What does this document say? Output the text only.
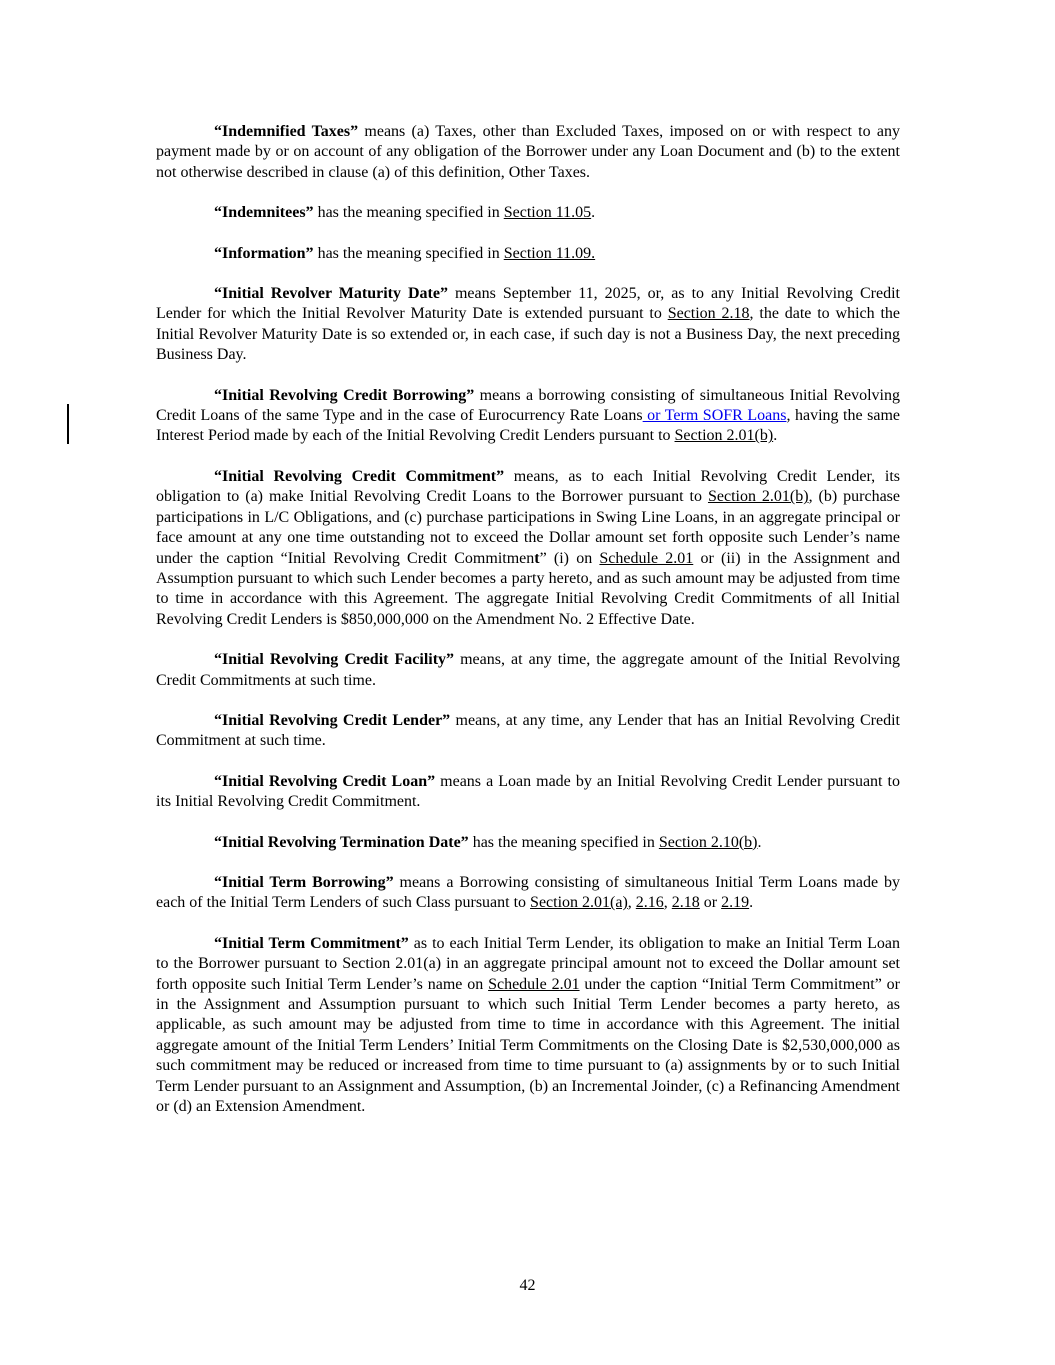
“Indemnified Taxes” means (a) Taxes, other than Excluded Taxes, imposed on or with respect to any payment made by or on account of any obligation of the Borrower under any Loan Document and (b) to the extent not otherwise described in clause (a) of this definition, Other Taxes.

“Indemnitees” has the meaning specified in Section 11.05.

“Information” has the meaning specified in Section 11.09.

“Initial Revolver Maturity Date” means September 11, 2025, or, as to any Initial Revolving Credit Lender for which the Initial Revolver Maturity Date is extended pursuant to Section 2.18, the date to which the Initial Revolver Maturity Date is so extended or, in each case, if such day is not a Business Day, the next preceding Business Day.

“Initial Revolving Credit Borrowing” means a borrowing consisting of simultaneous Initial Revolving Credit Loans of the same Type and in the case of Eurocurrency Rate Loans or Term SOFR Loans, having the same Interest Period made by each of the Initial Revolving Credit Lenders pursuant to Section 2.01(b).

“Initial Revolving Credit Commitment” means, as to each Initial Revolving Credit Lender, its obligation to (a) make Initial Revolving Credit Loans to the Borrower pursuant to Section 2.01(b), (b) purchase participations in L/C Obligations, and (c) purchase participations in Swing Line Loans, in an aggregate principal or face amount at any one time outstanding not to exceed the Dollar amount set forth opposite such Lender’s name under the caption “Initial Revolving Credit Commitment” (i) on Schedule 2.01 or (ii) in the Assignment and Assumption pursuant to which such Lender becomes a party hereto, and as such amount may be adjusted from time to time in accordance with this Agreement. The aggregate Initial Revolving Credit Commitments of all Initial Revolving Credit Lenders is $850,000,000 on the Amendment No. 2 Effective Date.

“Initial Revolving Credit Facility” means, at any time, the aggregate amount of the Initial Revolving Credit Commitments at such time.

“Initial Revolving Credit Lender” means, at any time, any Lender that has an Initial Revolving Credit Commitment at such time.

“Initial Revolving Credit Loan” means a Loan made by an Initial Revolving Credit Lender pursuant to its Initial Revolving Credit Commitment.

“Initial Revolving Termination Date” has the meaning specified in Section 2.10(b).

“Initial Term Borrowing” means a Borrowing consisting of simultaneous Initial Term Loans made by each of the Initial Term Lenders of such Class pursuant to Section 2.01(a), 2.16, 2.18 or 2.19.

“Initial Term Commitment” as to each Initial Term Lender, its obligation to make an Initial Term Loan to the Borrower pursuant to Section 2.01(a) in an aggregate principal amount not to exceed the Dollar amount set forth opposite such Initial Term Lender’s name on Schedule 2.01 under the caption “Initial Term Commitment” or in the Assignment and Assumption pursuant to which such Initial Term Lender becomes a party hereto, as applicable, as such amount may be adjusted from time to time in accordance with this Agreement. The initial aggregate amount of the Initial Term Lenders’ Initial Term Commitments on the Closing Date is $2,530,000,000 as such commitment may be reduced or increased from time to time pursuant to (a) assignments by or to such Initial Term Lender pursuant to an Assignment and Assumption, (b) an Incremental Joinder, (c) a Refinancing Amendment or (d) an Extension Amendment.

42
